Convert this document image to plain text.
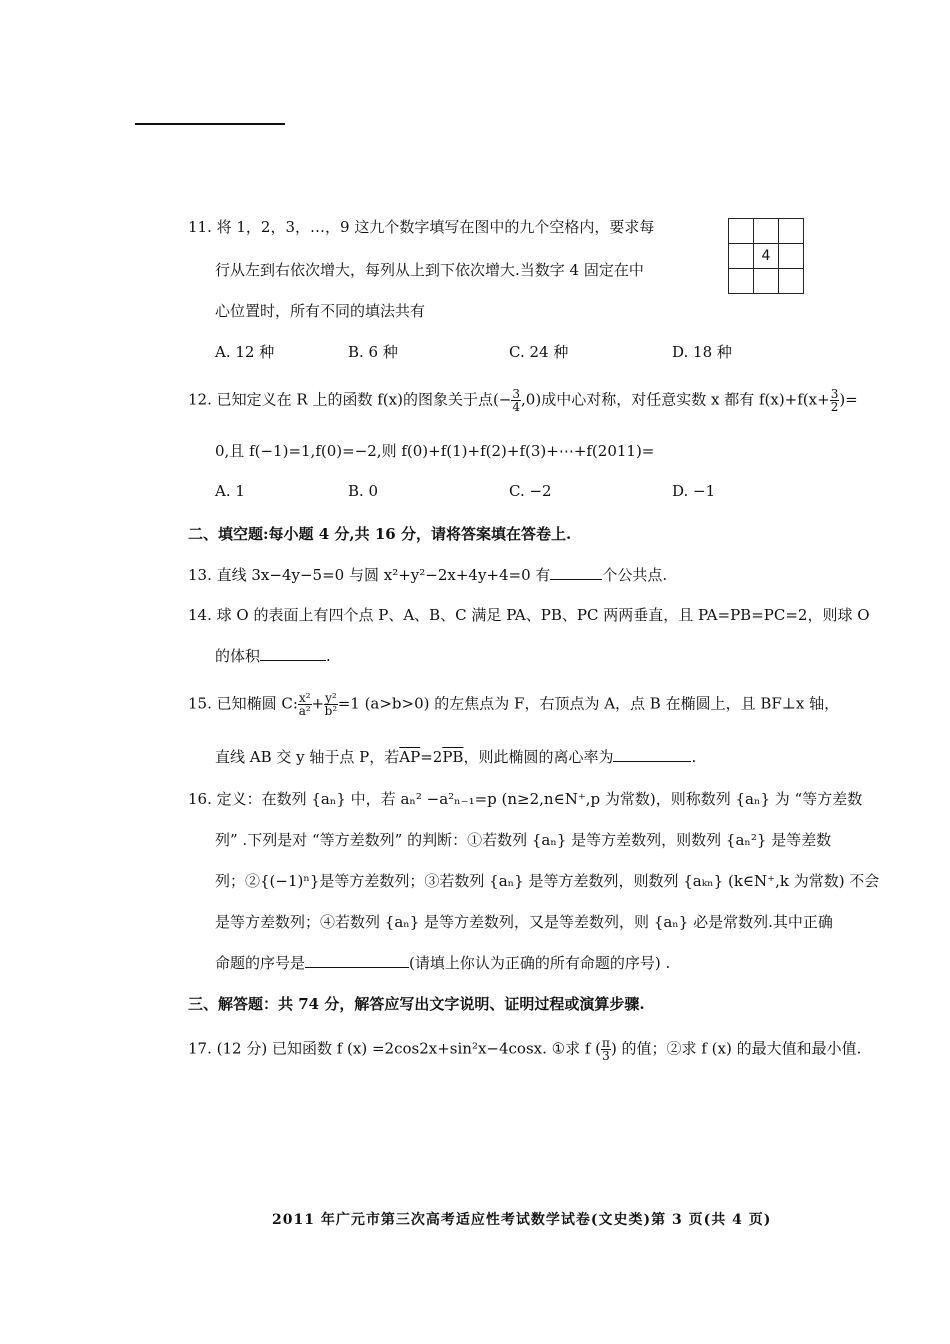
11. 将 1，2，3，…，9 这九个数字填写在图中的九个空格内，要求每
行从左到右依次增大，每列从上到下依次增大.当数字 4 固定在中
心位置时，所有不同的填法共有

	4	

A. 12 种	B. 6 种	C. 24 种	D. 18 种
12. 已知定义在 R 上的函数 f(x)的图象关于点(− $\frac{3}{4} ,0$)成中心对称，对任意实数 x 都有 $f(x)+f(x+ \frac{3}{2}$ )=
0,且 f(−1)=1,f(0)=−2,则 f(0)+f(1)+f(2)+f(3)+⋯+f(2011)=
A. 1	B. 0	C. −2	D. −1
二、填空题:每小题 4 分,共 16 分，请将答案填在答卷上.
13. 直线 3x−4y−5=0 与圆 x²+y²−2x+4y+4=0 有	个公共点.
14. 球 O 的表面上有四个点 P、A、B、C 满足 PA、PB、PC 两两垂直，且 PA=PB=PC=2，则球 O
的体积	.
15. 已知椭圆 C: $\frac{\text{x²}}{\text{a²}} + \frac{\text{y²}}{\text{b²}} =1$ (a>b>0) 的左焦点为 F，右顶点为 A，点 B 在椭圆上，且 BF⊥x 轴，
直线 AB 交 y 轴于点 P，若$\overline{AP}=2\overline{PB}$，则此椭圆的离心率为	.
16. 定义：在数列 {aₙ} 中，若 aₙ² −a²ₙ₋₁=p (n≥2,n∈N⁺,p 为常数)，则称数列 {aₙ} 为 “等方差数
列” .下列是对 “等方差数列” 的判断：①若数列 {aₙ} 是等方差数列，则数列 {aₙ²} 是等差数
列；②{(−1)ⁿ}是等方差数列；③若数列 {aₙ} 是等方差数列，则数列 {aₖₙ} (k∈N⁺,k 为常数) 不会
是等方差数列；④若数列 {aₙ} 是等方差数列，又是等差数列，则 {aₙ} 必是常数列.其中正确
命题的序号是	(请填上你认为正确的所有命题的序号) .
三、解答题：共 74 分，解答应写出文字说明、证明过程或演算步骤.
17. (12 分) 已知函数 f (x) =2cos2x+sin²x−4cosx. ①求 f ( $\frac{\pi}{3}$ ) 的值；②求 f (x) 的最大值和最小值.
2011 年广元市第三次高考适应性考试数学试卷(文史类)第 3 页(共 4 页)
